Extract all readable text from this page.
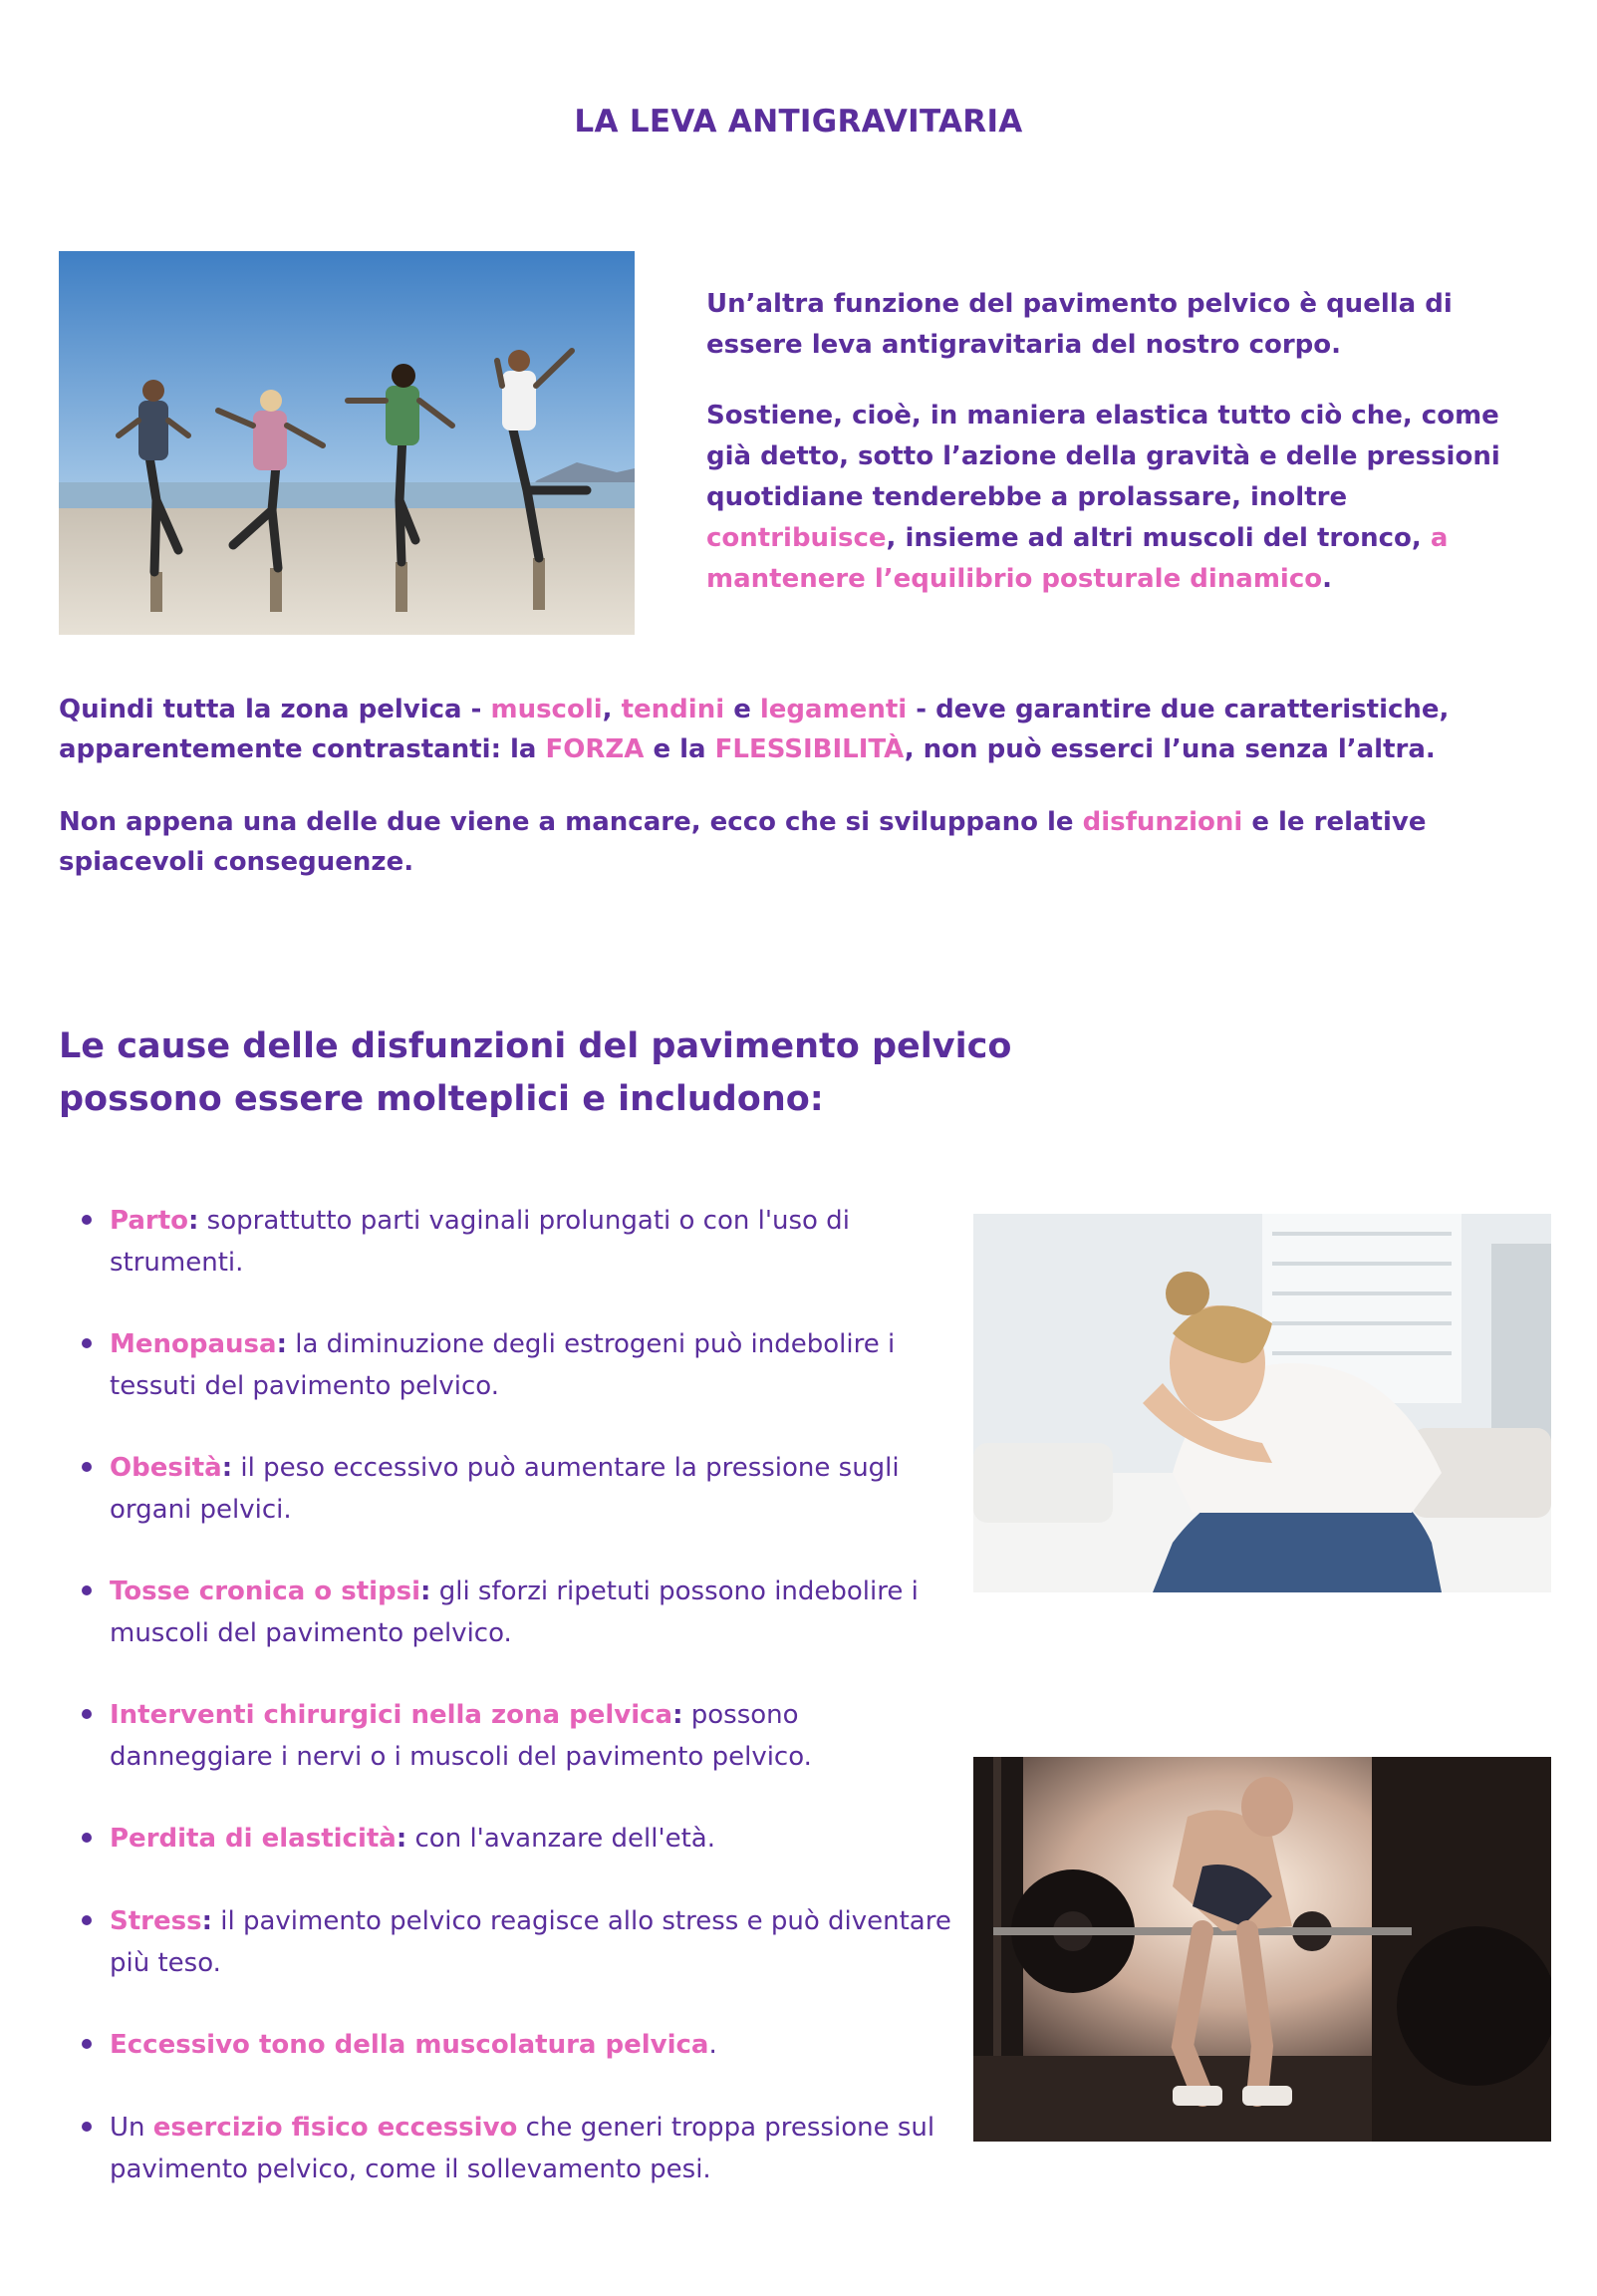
LA LEVA ANTIGRAVITARIA

Un’altra funzione del pavimento pelvico è quella di essere leva antigravitaria del nostro corpo.

Sostiene, cioè, in maniera elastica tutto ciò che, come già detto, sotto l’azione della gravità e delle pressioni quotidiane tenderebbe a prolassare, inoltre contribuisce, insieme ad altri muscoli del tronco, a mantenere l’equilibrio posturale dinamico.

Quindi tutta la zona pelvica - muscoli, tendini e legamenti - deve garantire due caratteristiche, apparentemente contrastanti: la FORZA e la FLESSIBILITÀ, non può esserci l’una senza l’altra.

Non appena una delle due viene a mancare, ecco che si sviluppano le disfunzioni e le relative spiacevoli conseguenze.

Le cause delle disfunzioni del pavimento pelvico possono essere molteplici e includono:

Parto: soprattutto parti vaginali prolungati o con l'uso di strumenti.

Menopausa: la diminuzione degli estrogeni può indebolire i tessuti del pavimento pelvico.

Obesità: il peso eccessivo può aumentare la pressione sugli organi pelvici.

Tosse cronica o stipsi: gli sforzi ripetuti possono indebolire i muscoli del pavimento pelvico.

Interventi chirurgici nella zona pelvica: possono danneggiare i nervi o i muscoli del pavimento pelvico.

Perdita di elasticità: con l'avanzare dell'età.

Stress: il pavimento pelvico reagisce allo stress e può diventare più teso.

Eccessivo tono della muscolatura pelvica.

Un esercizio fisico eccessivo che generi troppa pressione sul pavimento pelvico, come il sollevamento pesi.
